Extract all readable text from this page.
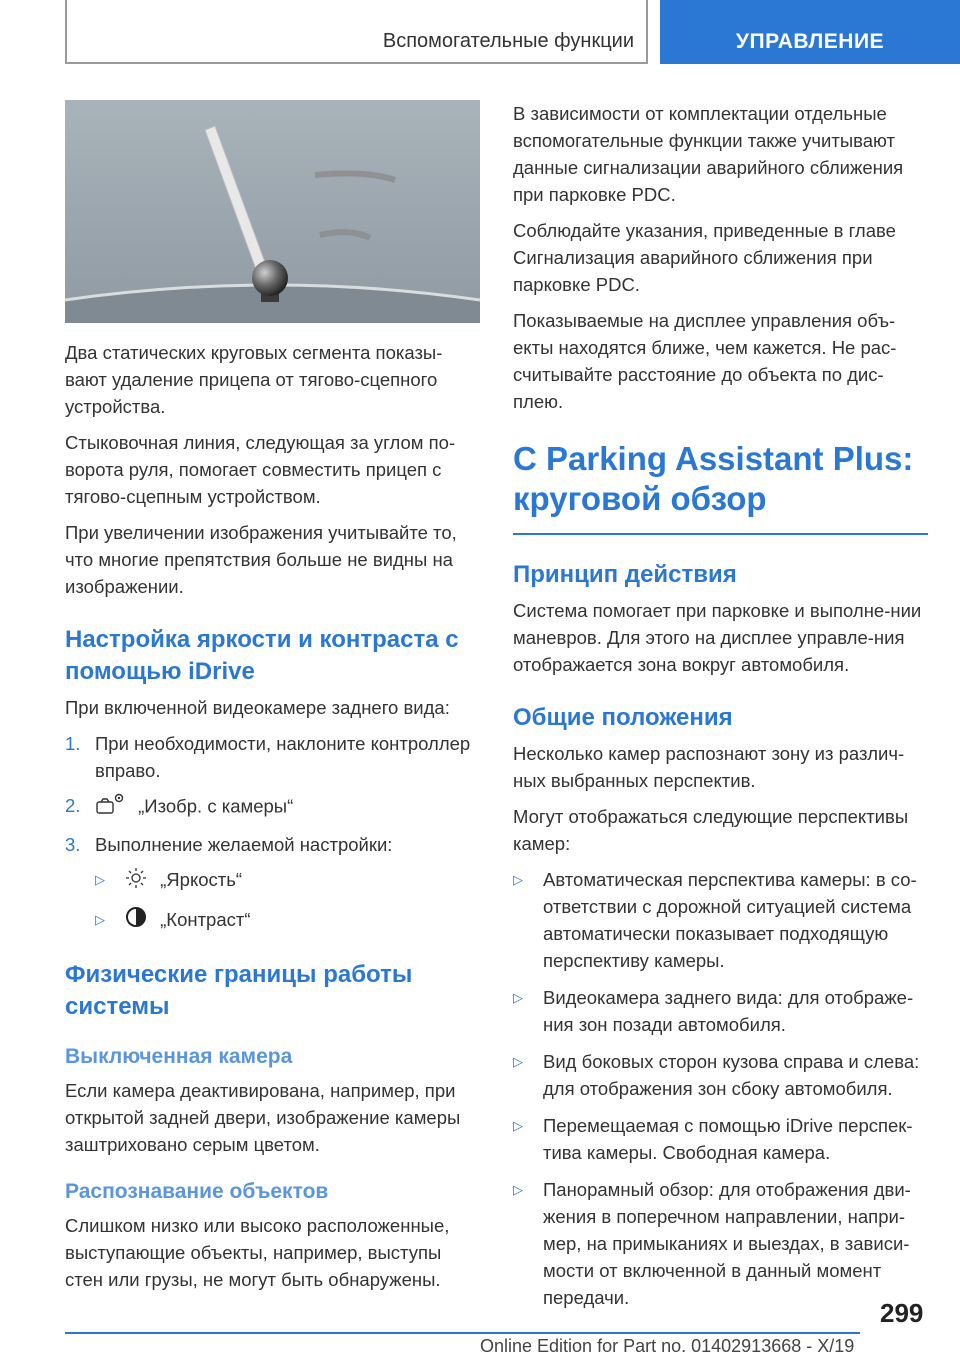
Вспомогательные функции	УПРАВЛЕНИЕ

Два статических круговых сегмента показы-вают удаление прицепа от тягово-сцепного устройства.

Стыковочная линия, следующая за углом по-ворота руля, помогает совместить прицеп с тягово-сцепным устройством.

При увеличении изображения учитывайте то, что многие препятствия больше не видны на изображении.

Настройка яркости и контраста с помощью iDrive

При включенной видеокамере заднего вида:

1. При необходимости, наклоните контроллер вправо.
2.	„Изобр. с камеры“
3. Выполнение желаемой настройки:
▷	„Яркость“
▷	„Контраст“
Физические границы работы системы
Выключенная камера

Если камера деактивирована, например, при открытой задней двери, изображение камеры заштриховано серым цветом.

Распознавание объектов

Слишком низко или высоко расположенные, выступающие объекты, например, выступы стен или грузы, не могут быть обнаружены.

В зависимости от комплектации отдельные вспомогательные функции также учитывают данные сигнализации аварийного сближения при парковке PDC.

Соблюдайте указания, приведенные в главе Сигнализация аварийного сближения при парковке PDC.

Показываемые на дисплее управления объ-екты находятся ближе, чем кажется. Не рас-считывайте расстояние до объекта по дис-плею.

С Parking Assistant Plus: круговой обзор
Принцип действия

Система помогает при парковке и выполне-нии маневров. Для этого на дисплее управле-ния отображается зона вокруг автомобиля.

Общие положения

Несколько камер распознают зону из различ-ных выбранных перспектив.

Могут отображаться следующие перспективы камер:

▷ Автоматическая перспектива камеры: в со-ответствии с дорожной ситуацией система автоматически показывает подходящую перспективу камеры.
▷ Видеокамера заднего вида: для отображе-ния зон позади автомобиля.
▷ Вид боковых сторон кузова справа и слева: для отображения зон сбоку автомобиля.
▷ Перемещаемая с помощью iDrive перспек-тива камеры. Свободная камера.
▷ Панорамный обзор: для отображения дви-жения в поперечном направлении, напри-мер, на примыканиях и выездах, в зависи-мости от включенной в данный момент передачи.
299
Online Edition for Part no. 01402913668 - X/19
